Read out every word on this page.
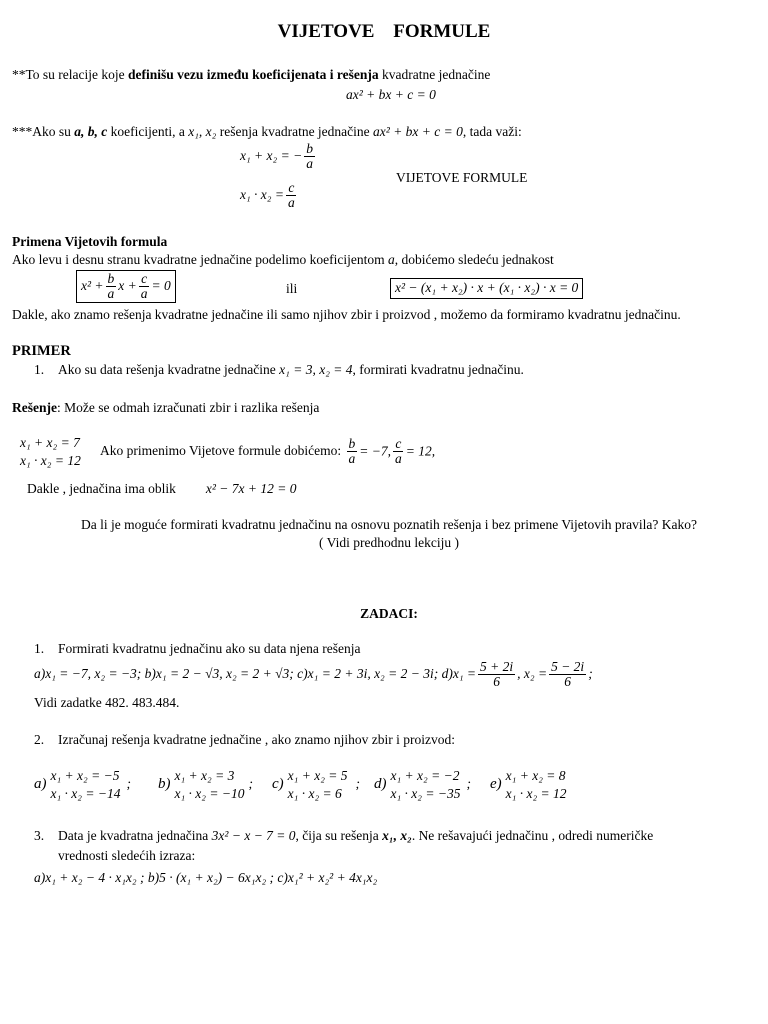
VIJETOVE FORMULE
**To su relacije koje definišu vezu između koeficijenata i rešenja kvadratne jednačine
ax² + bx + c = 0
***Ako su a, b, c koeficijenti, a x₁, x₂ rešenja kvadratne jednačine ax² + bx + c = 0, tada važi:
x₁ + x₂ = − $\frac{b}{a}$
$x_1 \cdot x_2 = \frac{c}{a}$
VIJETOVE FORMULE
Primena Vijetovih formula
Ako levu i desnu stranu kvadratne jednačine podelimo koeficijentom a, dobićemo sledeću jednakost
$x^2 + \frac{b}{a}$ $x + \frac{c}{a} = 0$	ili	x² − (x₁ + x₂) · x + (x₁ · x₂) · x = 0
Dakle, ako znamo rešenja kvadratne jednačine ili samo njihov zbir i proizvod , možemo da formiramo kvadratnu jednačinu.
PRIMER
1. Ako su data rešenja kvadratne jednačine x₁ = 3, x₂ = 4, formirati kvadratnu jednačinu.
Rešenje: Može se odmah izračunati zbir i razlika rešenja
x₁ + x₂ = 7
x₁ · x₂ = 12
Ako primenimo Vijetove formule dobićemo: $\frac{b}{a} = -7$, $\frac{c}{a} = 12$,
Dakle , jednačina ima oblik x² − 7x + 12 = 0
Da li je moguće formirati kvadratnu jednačinu na osnovu poznatih rešenja i bez primene Vijetovih pravila? Kako?
( Vidi predhodnu lekciju )
ZADACI:
1. Formirati kvadratnu jednačinu ako su data njena rešenja
a)x₁ = −7, x₂ = −3; b)x₁ = 2 − √3, x₂ = 2 + √3; c)x₁ = 2 + 3i, x₂ = 2 − 3i; $d)x_1 = \frac{5 + 2i}{6}$ , $x_2 = \frac{5 - 2i}{6}$ ;
Vidi zadatke 482. 483.484.
2. Izračunaj rešenja kvadratne jednačine , ako znamo njihov zbir i proizvod:
a)
x₁ + x₂ = −5
x₁ · x₂ = −14
; b)
x₁ + x₂ = 3
x₁ · x₂ = −10
; c)
x₁ + x₂ = 5
x₁ · x₂ = 6
; d)
x₁ + x₂ = −2
x₁ · x₂ = −35
; e)
x₁ + x₂ = 8
x₁ · x₂ = 12
3. Data je kvadratna jednačina 3x² − x − 7 = 0, čija su rešenja x₁, x₂. Ne rešavajući jednačinu , odredi numeričke
vrednosti sledećih izraza:
a)x₁ + x₂ − 4 · x₁x₂ ; b)5 · (x₁ + x₂) − 6x₁x₂ ; c)x₁² + x₂² + 4x₁x₂
